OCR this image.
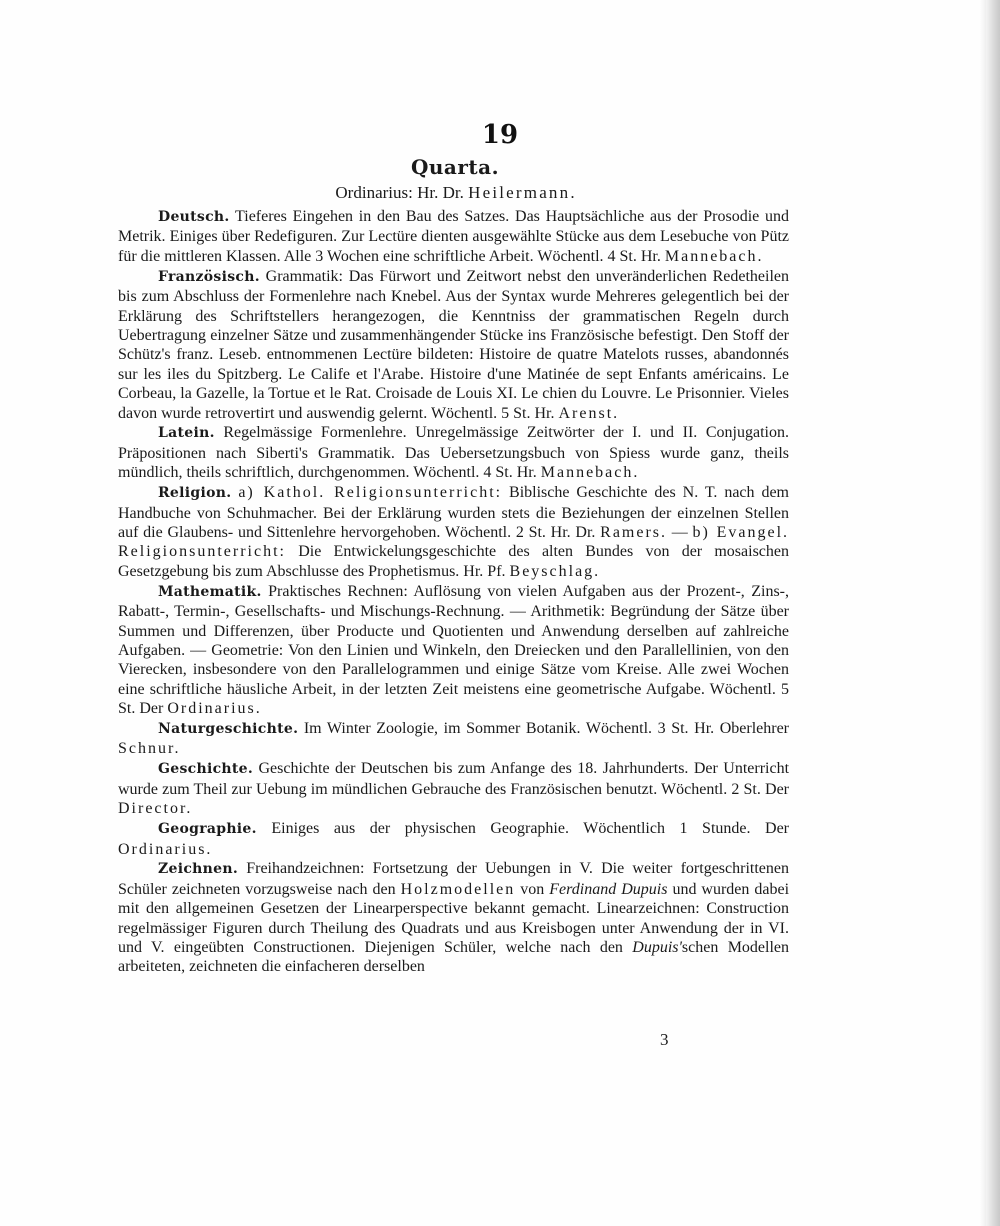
19
Quarta.
Ordinarius: Hr. Dr. Heilermann.

Deutsch. Tieferes Eingehen in den Bau des Satzes. Das Hauptsächliche aus der Prosodie und Metrik. Einiges über Redefiguren. Zur Lectüre dienten ausgewählte Stücke aus dem Lesebuche von Pütz für die mittleren Klassen. Alle 3 Wochen eine schriftliche Arbeit. Wöchentl. 4 St. Hr. Mannebach.

Französisch. Grammatik: Das Fürwort und Zeitwort nebst den unveränderlichen Redetheilen bis zum Abschluss der Formenlehre nach Knebel. Aus der Syntax wurde Mehreres gelegentlich bei der Erklärung des Schriftstellers herangezogen, die Kenntniss der grammatischen Regeln durch Uebertragung einzelner Sätze und zusammenhängender Stücke ins Französische befestigt. Den Stoff der Schütz's franz. Leseb. entnommenen Lectüre bildeten: Histoire de quatre Matelots russes, abandonnés sur les iles du Spitzberg. Le Calife et l'Arabe. Histoire d'une Matinée de sept Enfants américains. Le Corbeau, la Gazelle, la Tortue et le Rat. Croisade de Louis XI. Le chien du Louvre. Le Prisonnier. Vieles davon wurde retrovertirt und auswendig gelernt. Wöchentl. 5 St. Hr. Arenst.

Latein. Regelmässige Formenlehre. Unregelmässige Zeitwörter der I. und II. Conjugation. Präpositionen nach Siberti's Grammatik. Das Uebersetzungsbuch von Spiess wurde ganz, theils mündlich, theils schriftlich, durchgenommen. Wöchentl. 4 St. Hr. Mannebach.

Religion. a) Kathol. Religionsunterricht: Biblische Geschichte des N. T. nach dem Handbuche von Schuhmacher. Bei der Erklärung wurden stets die Beziehungen der einzelnen Stellen auf die Glaubens- und Sittenlehre hervorgehoben. Wöchentl. 2 St. Hr. Dr. Ramers. — b) Evangel. Religionsunterricht: Die Entwickelungsgeschichte des alten Bundes von der mosaischen Gesetzgebung bis zum Abschlusse des Prophetismus. Hr. Pf. Beyschlag.

Mathematik. Praktisches Rechnen: Auflösung von vielen Aufgaben aus der Prozent-, Zins-, Rabatt-, Termin-, Gesellschafts- und Mischungs-Rechnung. — Arithmetik: Begründung der Sätze über Summen und Differenzen, über Producte und Quotienten und Anwendung derselben auf zahlreiche Aufgaben. — Geometrie: Von den Linien und Winkeln, den Dreiecken und den Parallellinien, von den Vierecken, insbesondere von den Parallelogrammen und einige Sätze vom Kreise. Alle zwei Wochen eine schriftliche häusliche Arbeit, in der letzten Zeit meistens eine geometrische Aufgabe. Wöchentl. 5 St. Der Ordinarius.

Naturgeschichte. Im Winter Zoologie, im Sommer Botanik. Wöchentl. 3 St. Hr. Oberlehrer Schnur.

Geschichte. Geschichte der Deutschen bis zum Anfange des 18. Jahrhunderts. Der Unterricht wurde zum Theil zur Uebung im mündlichen Gebrauche des Französischen benutzt. Wöchentl. 2 St. Der Director.

Geographie. Einiges aus der physischen Geographie. Wöchentlich 1 Stunde. Der Ordinarius.

Zeichnen. Freihandzeichnen: Fortsetzung der Uebungen in V. Die weiter fortgeschrittenen Schüler zeichneten vorzugsweise nach den Holzmodellen von Ferdinand Dupuis und wurden dabei mit den allgemeinen Gesetzen der Linearperspective bekannt gemacht. Linearzeichnen: Construction regelmässiger Figuren durch Theilung des Quadrats und aus Kreisbogen unter Anwendung der in VI. und V. eingeübten Constructionen. Diejenigen Schüler, welche nach den Dupuis'schen Modellen arbeiteten, zeichneten die einfacheren derselben

3
